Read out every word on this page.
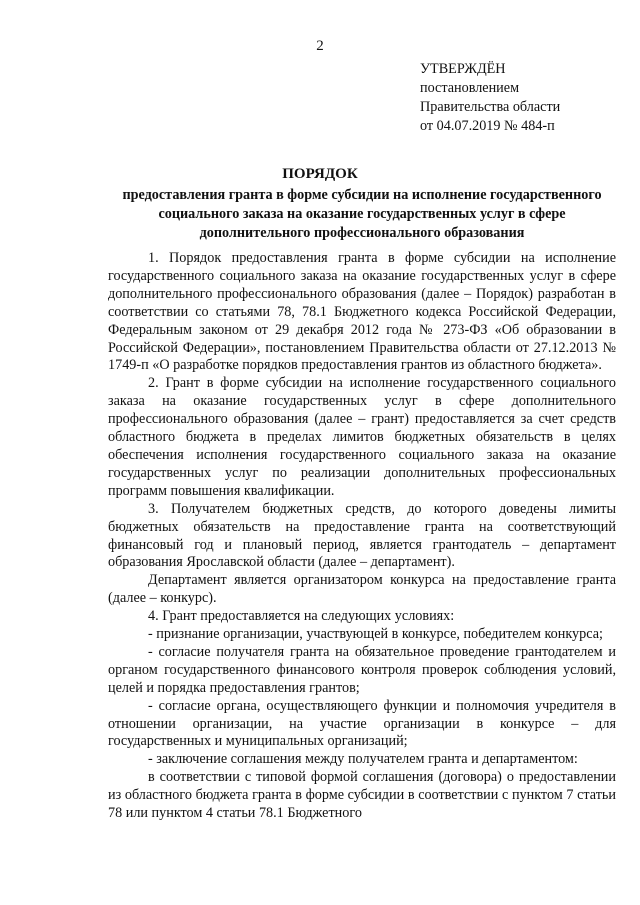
2
УТВЕРЖДЁН
постановлением
Правительства области
от 04.07.2019 № 484-п
ПОРЯДОК
предоставления гранта в форме субсидии на исполнение государственного социального заказа на оказание государственных услуг в сфере дополнительного профессионального образования

1. Порядок предоставления гранта в форме субсидии на исполнение государственного социального заказа на оказание государственных услуг в сфере дополнительного профессионального образования (далее – Порядок) разработан в соответствии со статьями 78, 78.1 Бюджетного кодекса Российской Федерации, Федеральным законом от 29 декабря 2012 года № 273-ФЗ «Об образовании в Российской Федерации», постановлением Правительства области от 27.12.2013 № 1749-п «О разработке порядков предоставления грантов из областного бюджета».

2. Грант в форме субсидии на исполнение государственного социального заказа на оказание государственных услуг в сфере дополнительного профессионального образования (далее – грант) предоставляется за счет средств областного бюджета в пределах лимитов бюджетных обязательств в целях обеспечения исполнения государственного социального заказа на оказание государственных услуг по реализации дополнительных профессиональных программ повышения квалификации.

3. Получателем бюджетных средств, до которого доведены лимиты бюджетных обязательств на предоставление гранта на соответствующий финансовый год и плановый период, является грантодатель – департамент образования Ярославской области (далее – департамент).

Департамент является организатором конкурса на предоставление гранта (далее – конкурс).

4. Грант предоставляется на следующих условиях:

- признание организации, участвующей в конкурсе, победителем конкурса;

- согласие получателя гранта на обязательное проведение грантодателем и органом государственного финансового контроля проверок соблюдения условий, целей и порядка предоставления грантов;

- согласие органа, осуществляющего функции и полномочия учредителя в отношении организации, на участие организации в конкурсе – для государственных и муниципальных организаций;

- заключение соглашения между получателем гранта и департаментом:

в соответствии с типовой формой соглашения (договора) о предоставлении из областного бюджета гранта в форме субсидии в соответствии с пунктом 7 статьи 78 или пунктом 4 статьи 78.1 Бюджетного
